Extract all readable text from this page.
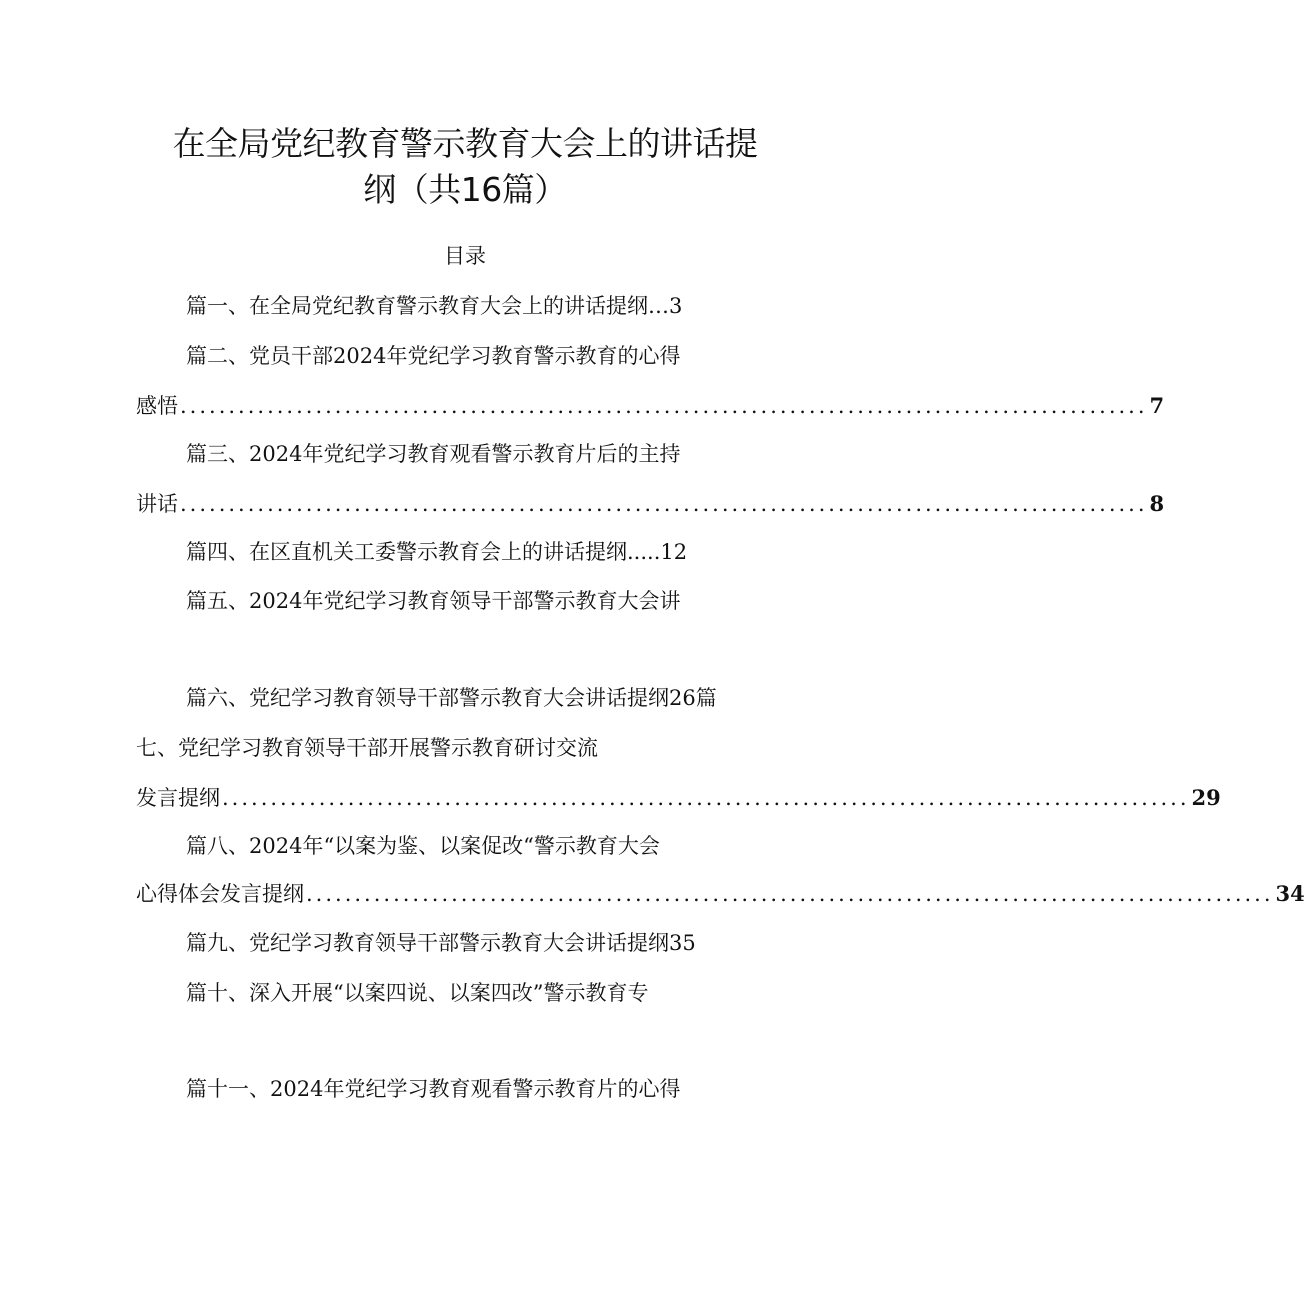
在全局党纪教育警示教育大会上的讲话提
纲（共16篇）
目录
篇一、在全局党纪教育警示教育大会上的讲话提纲…3
篇二、党员干部2024年党纪学习教育警示教育的心得
感悟 .................................................................................................... 7
篇三、2024年党纪学习教育观看警示教育片后的主持
讲话 .................................................................................................... 8
篇四、在区直机关工委警示教育会上的讲话提纲.....12
篇五、2024年党纪学习教育领导干部警示教育大会讲
篇六、党纪学习教育领导干部警示教育大会讲话提纲26篇
七、党纪学习教育领导干部开展警示教育研讨交流
发言提纲 .................................................................................................... 29
篇八、2024年“以案为鉴、以案促改“警示教育大会
心得体会发言提纲 .................................................................................................... 34
篇九、党纪学习教育领导干部警示教育大会讲话提纲35
篇十、深入开展“以案四说、以案四改”警示教育专
篇十一、2024年党纪学习教育观看警示教育片的心得
